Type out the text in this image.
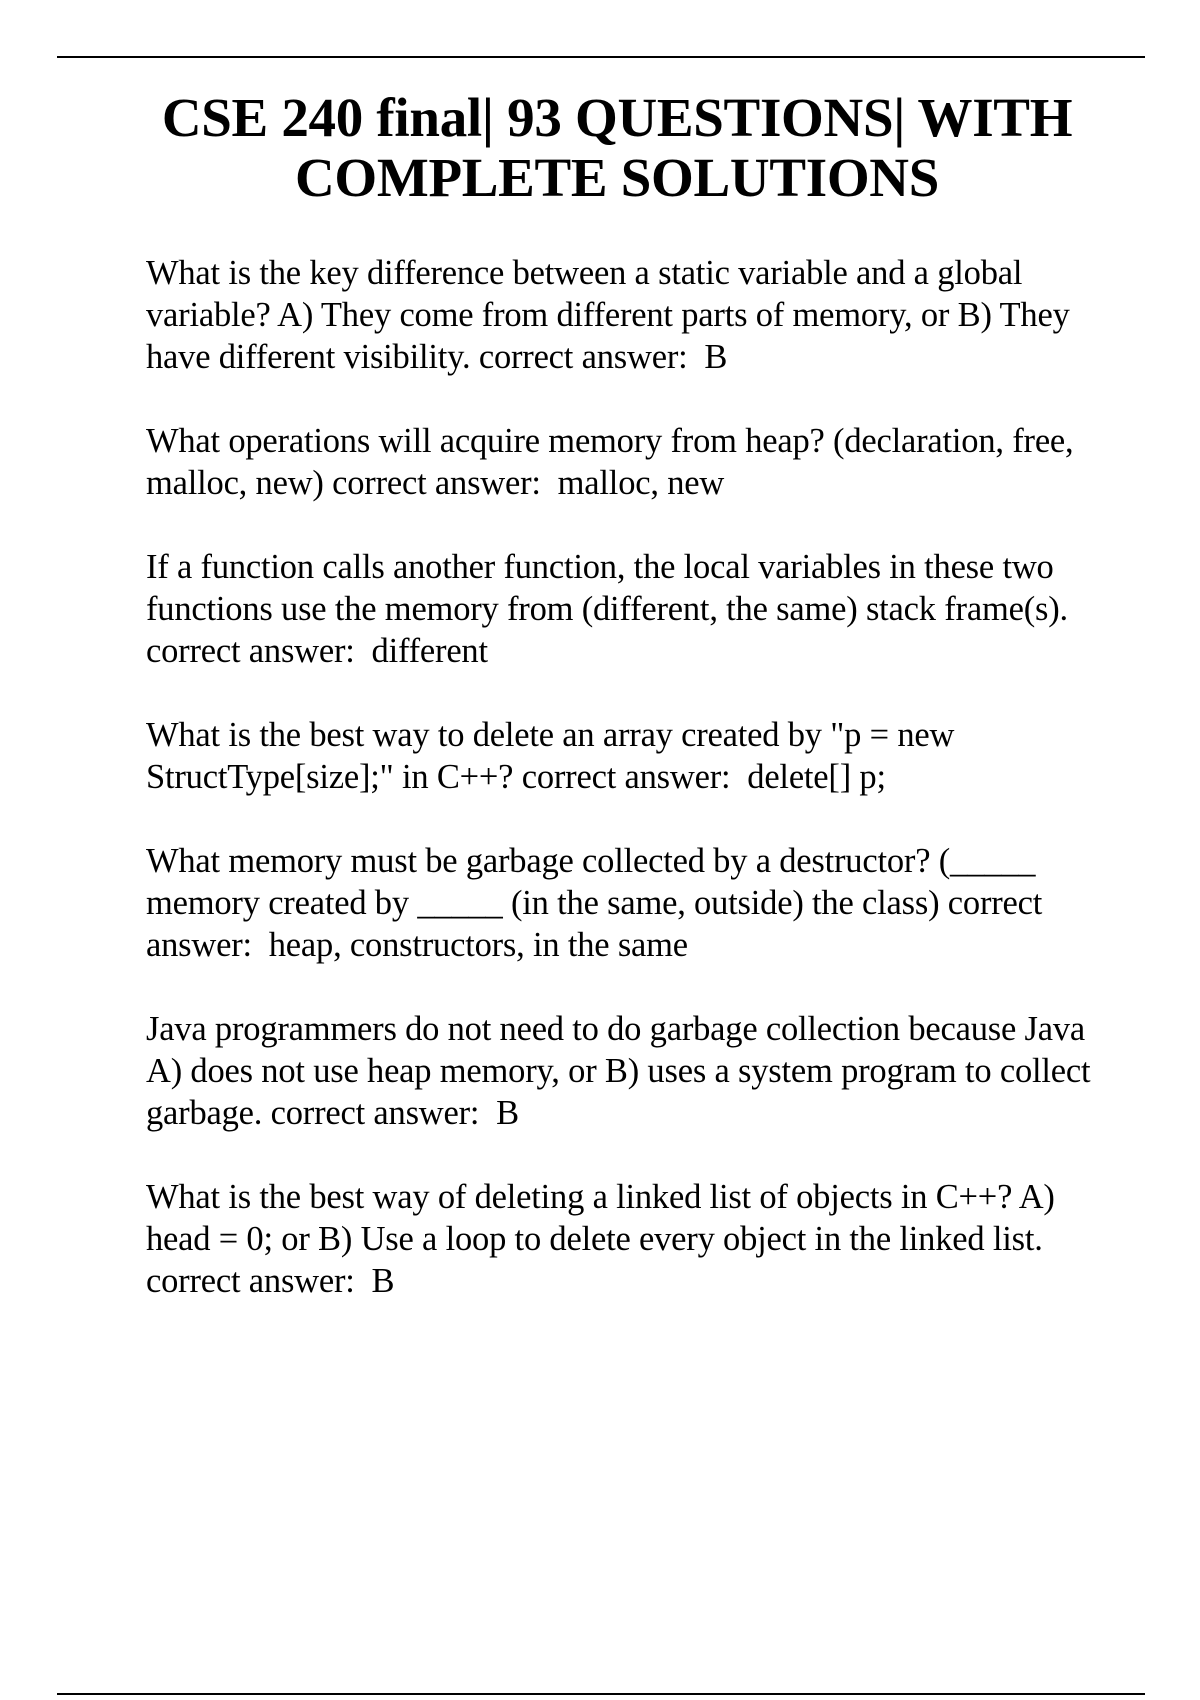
CSE 240 final| 93 QUESTIONS| WITH COMPLETE SOLUTIONS

What is the key difference between a static variable and a global variable? A) They come from different parts of memory, or B) They have different visibility. correct answer: B

What operations will acquire memory from heap? (declaration, free, malloc, new) correct answer: malloc, new

If a function calls another function, the local variables in these two functions use the memory from (different, the same) stack frame(s).correct answer: different

What is the best way to delete an array created by "p = new StructType[size];" in C++? correct answer: delete[] p;

What memory must be garbage collected by a destructor? (_____ memory created by _____ (in the same, outside) the class) correct answer: heap, constructors, in the same

Java programmers do not need to do garbage collection because Java A) does not use heap memory, or B) uses a system program to collect garbage. correct answer: B

What is the best way of deleting a linked list of objects in C++? A) head = 0; or B) Use a loop to delete every object in the linked list.correct answer: B
